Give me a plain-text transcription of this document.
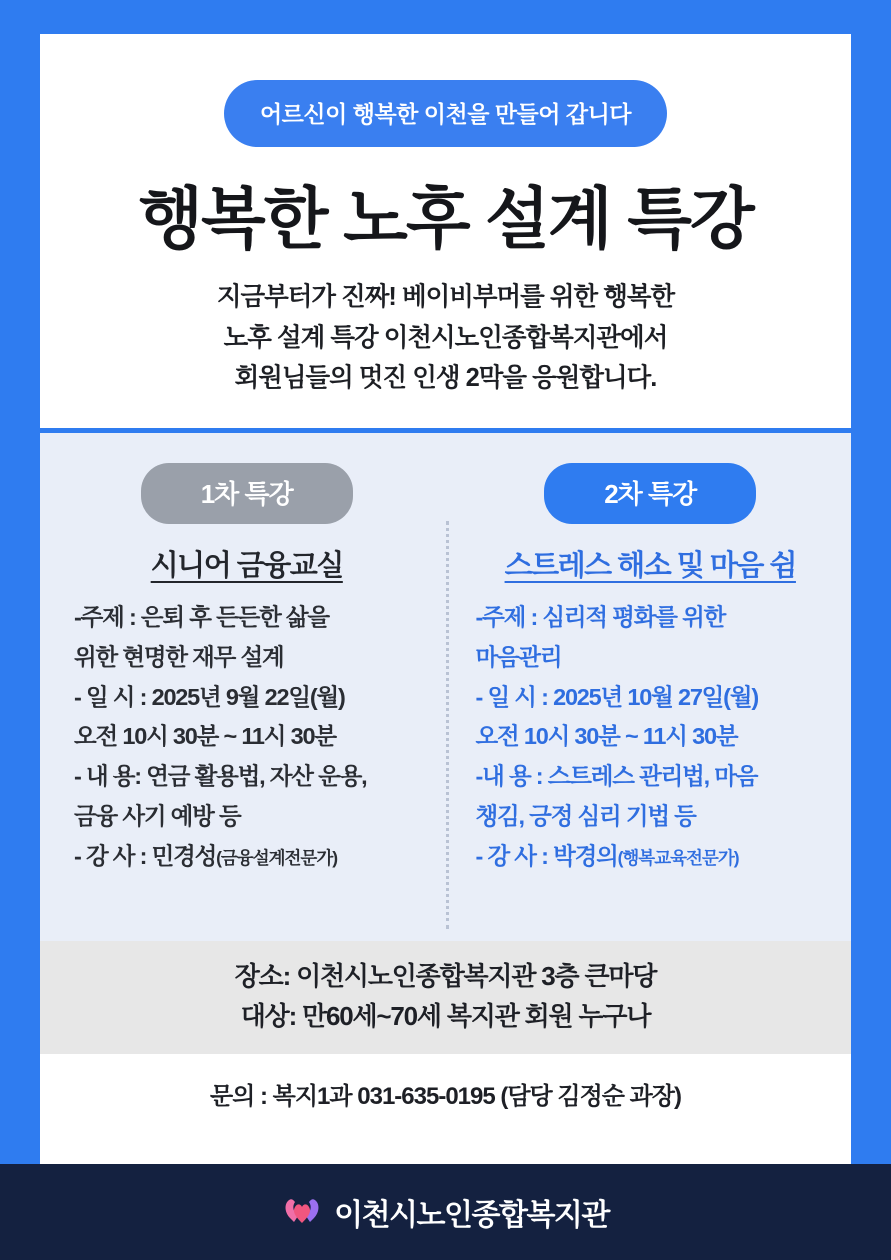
어르신이 행복한 이천을 만들어 갑니다
행복한 노후 설계 특강
지금부터가 진짜! 베이비부머를 위한 행복한
노후 설계 특강 이천시노인종합복지관에서
회원님들의 멋진 인생 2막을 응원합니다.
1차 특강
시니어 금융교실
-주제 : 은퇴 후 든든한 삶을
위한 현명한 재무 설계
- 일 시 : 2025년 9월 22일(월)
오전 10시 30분 ~ 11시 30분
- 내 용: 연금 활용법, 자산 운용,
금융 사기 예방 등
- 강 사 : 민경성(금융설계전문가)
2차 특강
스트레스 해소 및 마음 쉼
-주제 : 심리적 평화를 위한
마음관리
- 일 시 : 2025년 10월 27일(월)
오전 10시 30분 ~ 11시 30분
-내 용 : 스트레스 관리법, 마음
챙김, 긍정 심리 기법 등
- 강 사 : 박경의(행복교육전문가)
장소: 이천시노인종합복지관 3층 큰마당
대상: 만60세~70세 복지관 회원 누구나
문의 : 복지1과 031-635-0195 (담당 김정순 과장)
이천시노인종합복지관
